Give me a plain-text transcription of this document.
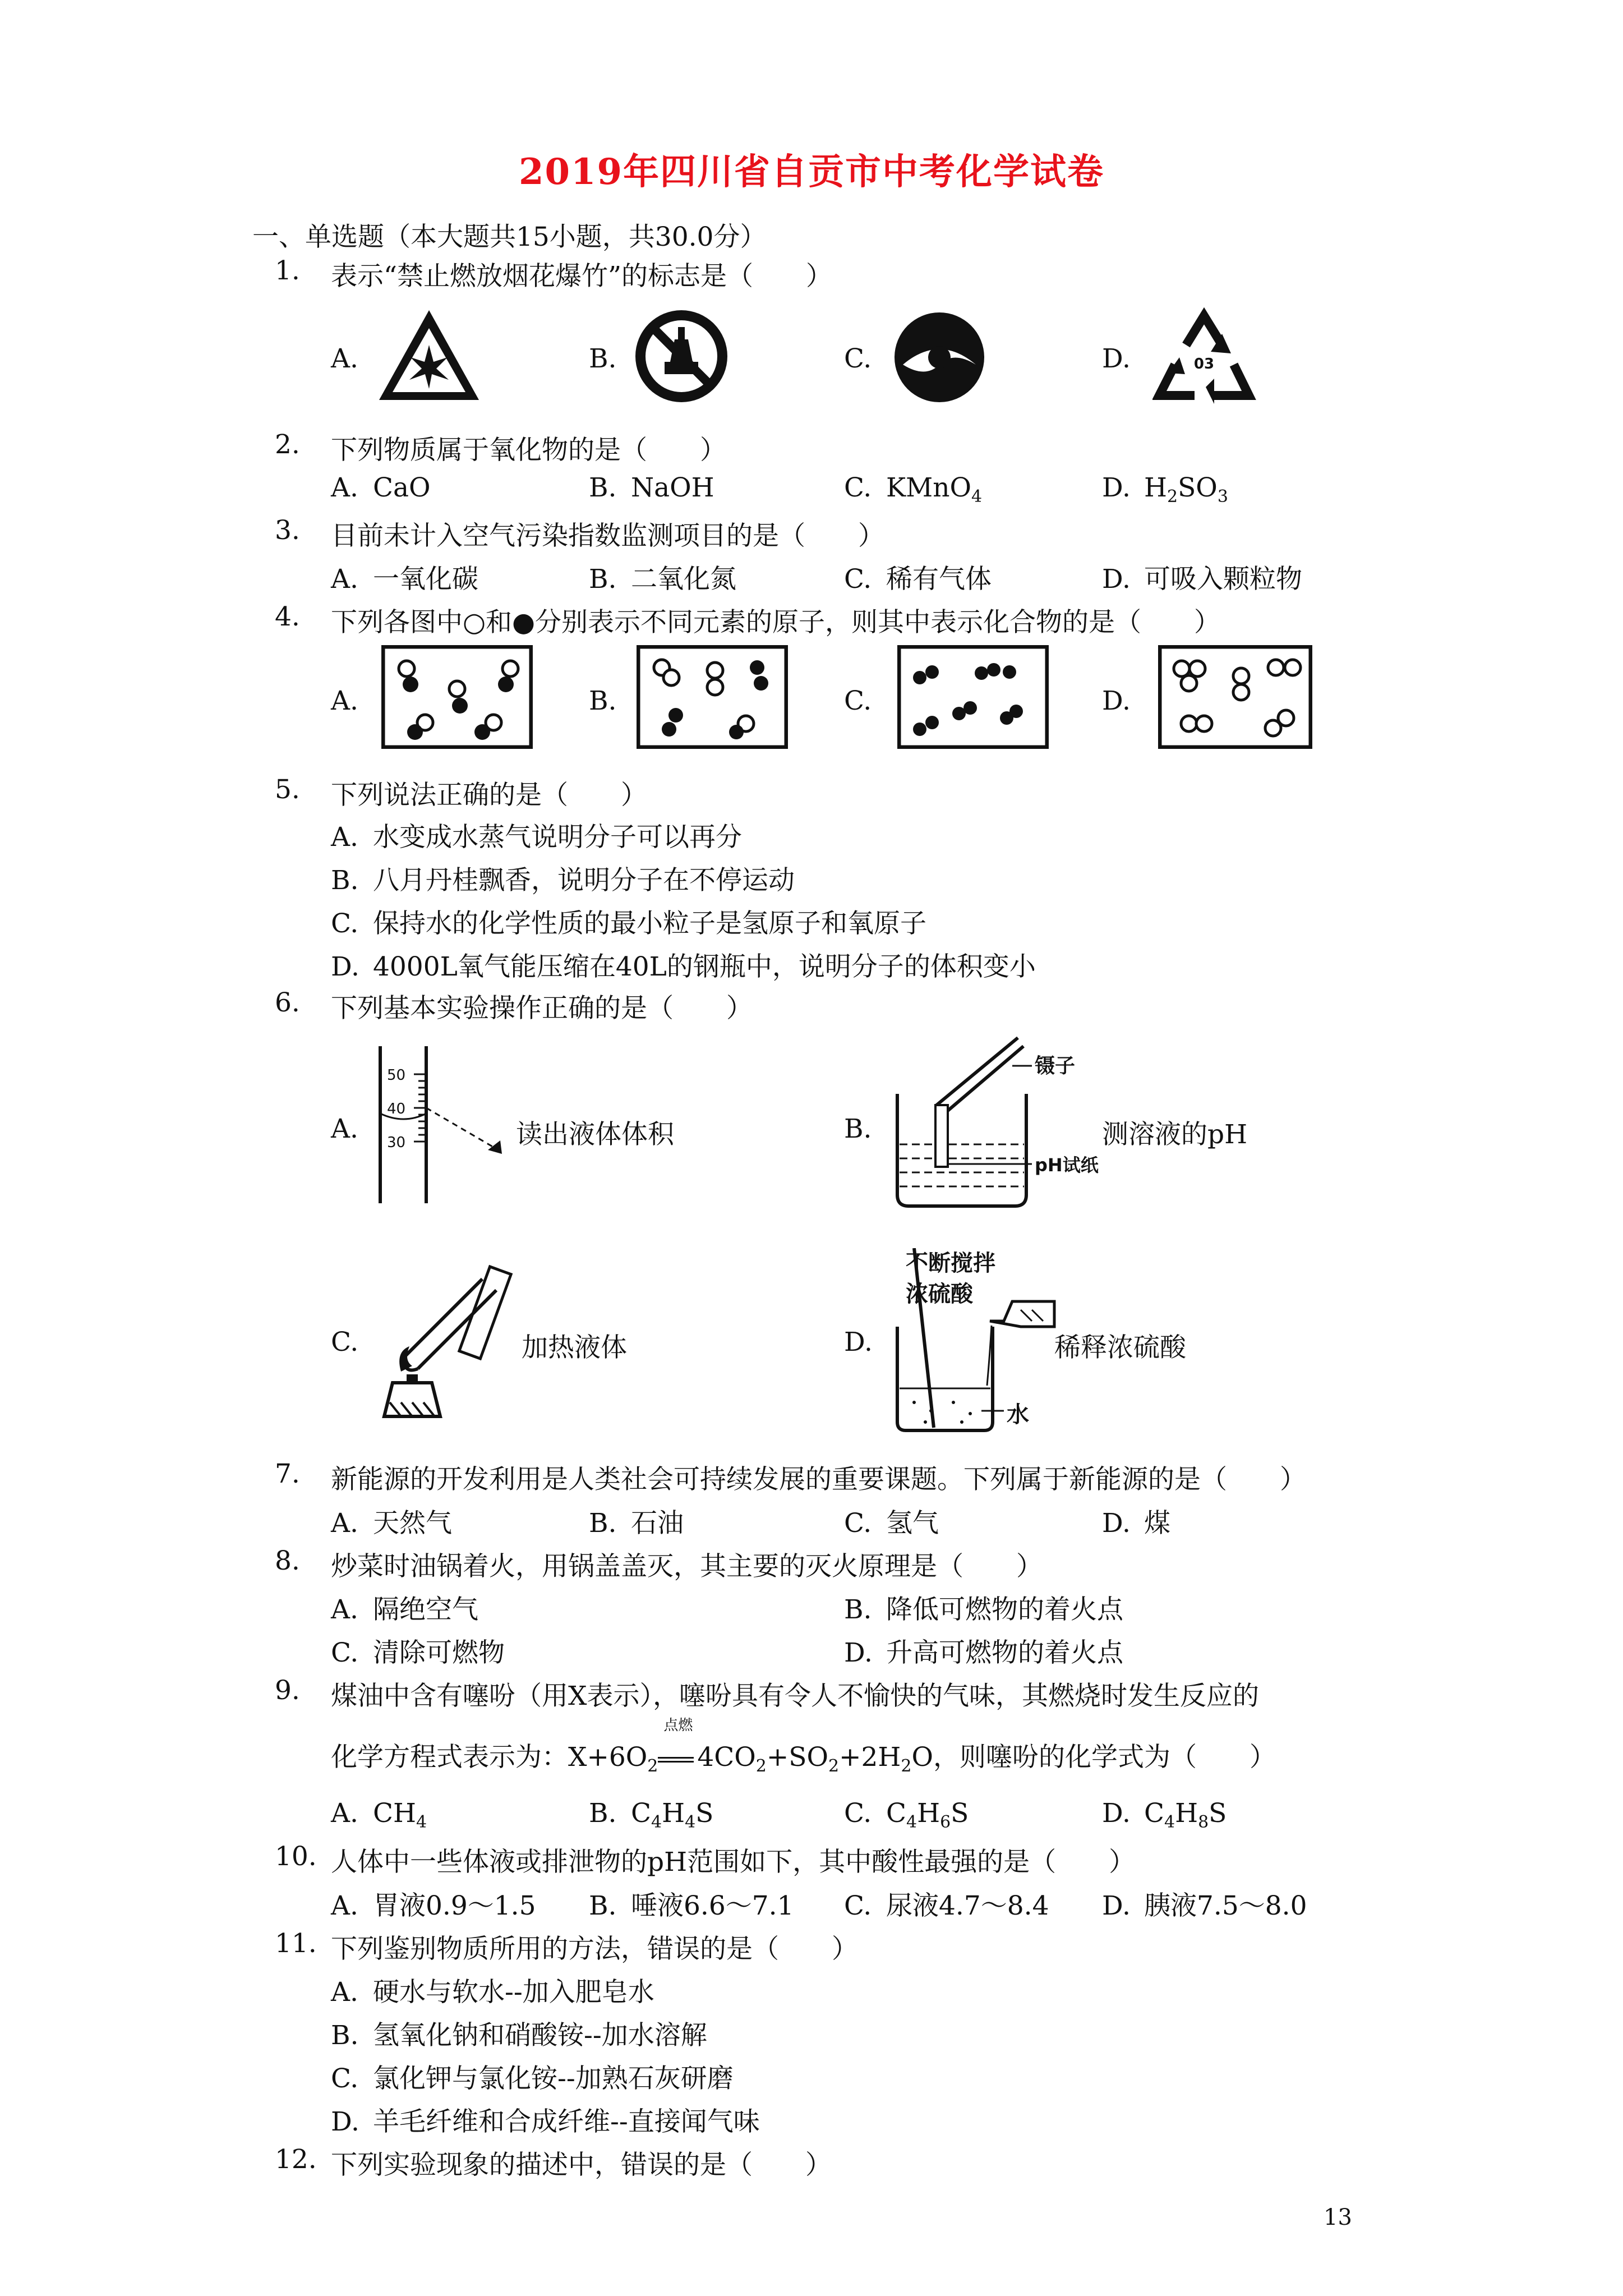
2019年四川省自贡市中考化学试卷
一、单选题（本大题共15小题，共30.0分）
1.	表示“禁止燃放烟花爆竹”的标志是（　　）
A.	B.	C.	D.	03
2.	下列物质属于氧化物的是（　　）
A. CaO	B. NaOH	C. KMnO$_4$	D. $H_2SO_3$
3.	目前未计入空气污染指数监测项目的是（　　）
A. 一氧化碳	B. 二氧化氮	C. 稀有气体	D. 可吸入颗粒物
4.	下列各图中○和●分别表示不同元素的原子，则其中表示化合物的是（　　）
A.	B.	C.	D.
5.	下列说法正确的是（　　）
A. 水变成水蒸气说明分子可以再分
B. 八月丹桂飘香，说明分子在不停运动
C. 保持水的化学性质的最小粒子是氢原子和氧原子
D. 4000L氧气能压缩在40L的钢瓶中，说明分子的体积变小
6.	下列基本实验操作正确的是（　　）
A.
50
40
30	读出液体体积	B.
镊子
pH试纸
测溶液的pH
C.	加热液体	D.
不断搅拌
浓硫酸
水
稀释浓硫酸
7.	新能源的开发利用是人类社会可持续发展的重要课题。下列属于新能源的是（　　）
A. 天然气	B. 石油	C. 氢气	D. 煤
8.	炒菜时油锅着火，用锅盖盖灭，其主要的灭火原理是（　　）
A. 隔绝空气	B. 降低可燃物的着火点
C. 清除可燃物	D. 升高可燃物的着火点
9.	煤油中含有噻吩（用X表示），噻吩具有令人不愉快的气味，其燃烧时发生反应的
化学方程式表示为：$X+6O_2$
点燃
$4CO_2+SO_2+2H_2O$，则噻吩的化学式为（　　）
A. $CH_4$	B. $C_4H_4S$	C. $C_4H_6S$	D. $C_4H_8S$
10. 人体中一些体液或排泄物的pH范围如下，其中酸性最强的是（　　）
A. 胃液0.9～1.5 B. 唾液6.6～7.1 C. 尿液4.7～8.4 D. 胰液7.5～8.0
11. 下列鉴别物质所用的方法，错误的是（　　）
A. 硬水与软水--加入肥皂水
B. 氢氧化钠和硝酸铵--加水溶解
C. 氯化钾与氯化铵--加熟石灰研磨
D. 羊毛纤维和合成纤维--直接闻气味
12. 下列实验现象的描述中，错误的是（　　）
13
